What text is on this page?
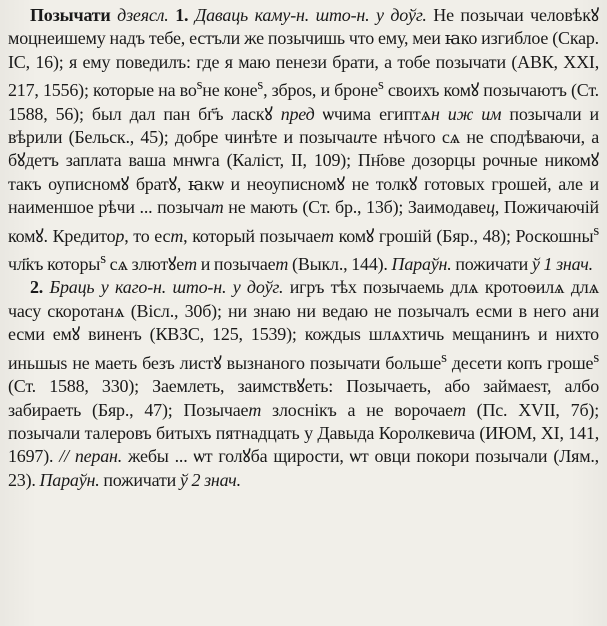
Позычати дзеясл. 1. Даваць каму-н. што-н. у доўг. Не позычаи человѣкꙋ моцнеишему надъ тебе, естъли же позычишь что ему, меи ꙗко изгиблое (Скар. ІС, 16); я ему поведилъ: где я маю пенези брати, а тобе позычати (АВК, XXI, 217, 1556); которые на $во^sне$ коне$^s$, зброs, и броне$^s$ своихъ комꙋ позычаютъ (Ст. 1588, 56); был дал пан бг҃ъ ласкꙋ пред ѡчима египтѧн иж им позычали и вѣрили (Бельск., 45); добре чинѣте и позычаите нѣчого сѧ не сподѣваючи, а бꙋдетъ заплата ваша мнѡга (Каліст, II, 109); Пн҃ове дозорцы рочные никомꙋ такъ оуписномꙋ братꙋ, ꙗкѡ и неоуписномꙋ не толкꙋ готовых грошей, але и наименшое рѣчи ... позычат не мають (Ст. бр., 13б); Заимодавец, Пожичаючій комꙋ. Кредитор, то ест, который позычает комꙋ грошій (Бяр., 48); Роскошны$^s$ чл҃къ которы$^s$ сѧ злютꙋет и позычает (Выкл., 144). Параўн. пожичати ў 1 знач.

2. Браць у каго-н. што-н. у доўг. игръ тѣх позычаемь длѧ кротоѳилѧ длѧ часу скоротанѧ (Вісл., 30б); ни знаю ни ведаю не позычалъ есми в него ани есми емꙋ виненъ (КВЗС, 125, 1539); кождыs шлѧхтичь мещанинъ и нихто иньшыs не маеть безъ листꙋ вызнаного позычати больше$^s$ десети копъ гроше$^s$ (Ст. 1588, 330); Заемлеть, заимствꙋеть: Позычаеть, або займаеsт, албо забираеть (Бяр., 47); Позычает злоснікъ а не ворочает (Пс. XVII, 7б); позычали талеровъ битыхъ пятнадцать у Давыда Королкевича (ИЮМ, XI, 141, 1697). // перан. жебы ... ѡт голꙋба щирости, ѡт овци покори позычали (Лям., 23). Параўн. пожичати ў 2 знач.
